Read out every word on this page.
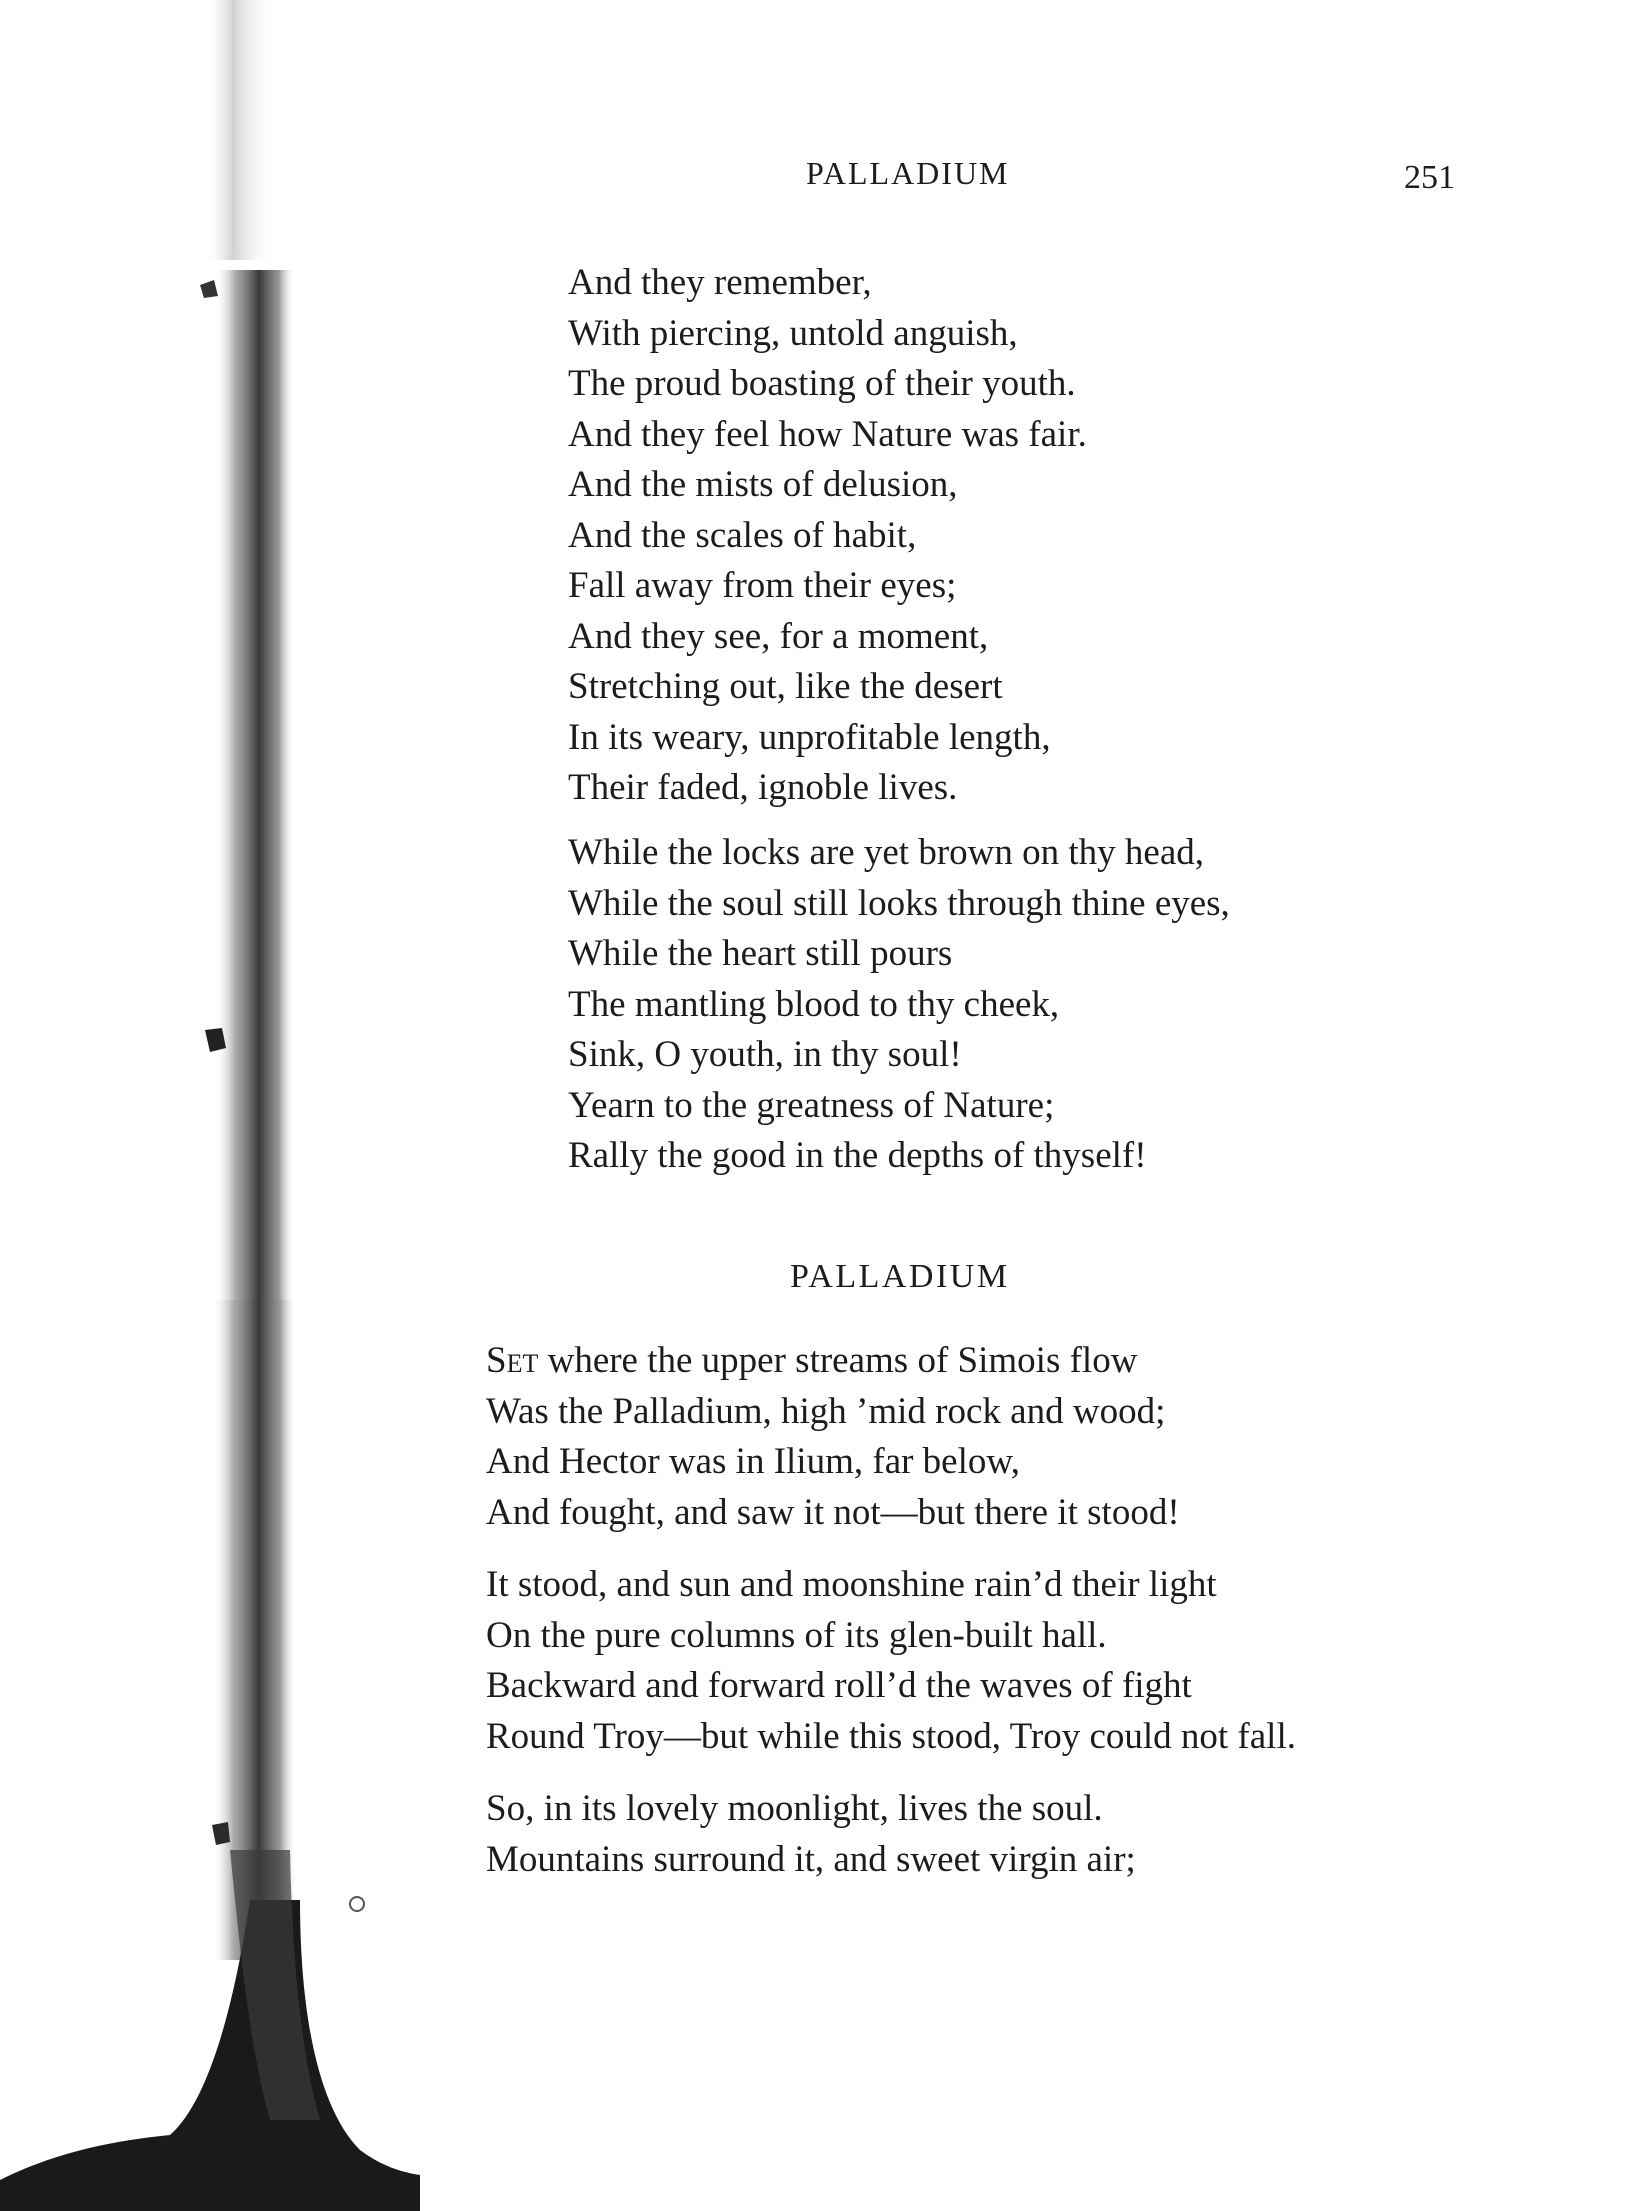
PALLADIUM	251
And they remember,
With piercing, untold anguish,
The proud boasting of their youth.
And they feel how Nature was fair.
And the mists of delusion,
And the scales of habit,
Fall away from their eyes;
And they see, for a moment,
Stretching out, like the desert
In its weary, unprofitable length,
Their faded, ignoble lives.
While the locks are yet brown on thy head,
While the soul still looks through thine eyes,
While the heart still pours
The mantling blood to thy cheek,
Sink, O youth, in thy soul!
Yearn to the greatness of Nature;
Rally the good in the depths of thyself!
PALLADIUM
Set where the upper streams of Simois flow
Was the Palladium, high ’mid rock and wood;
And Hector was in Ilium, far below,
And fought, and saw it not—but there it stood!
It stood, and sun and moonshine rain’d their light
On the pure columns of its glen-built hall.
Backward and forward roll’d the waves of fight
Round Troy—but while this stood, Troy could not fall.
So, in its lovely moonlight, lives the soul.
Mountains surround it, and sweet virgin air;
